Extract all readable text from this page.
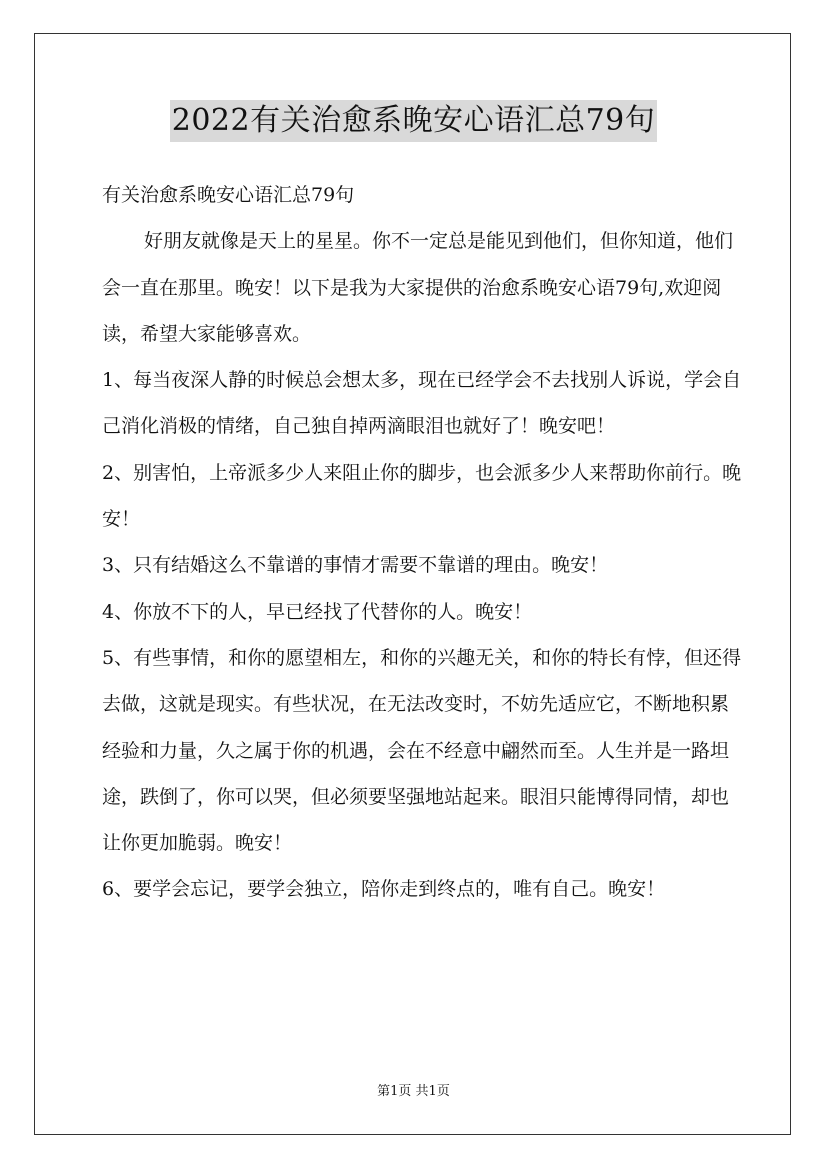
2022有关治愈系晚安心语汇总79句

有关治愈系晚安心语汇总79句

好朋友就像是天上的星星。你不一定总是能见到他们，但你知道，他们会一直在那里。晚安！以下是我为大家提供的治愈系晚安心语79句,欢迎阅读，希望大家能够喜欢。

1、每当夜深人静的时候总会想太多，现在已经学会不去找别人诉说，学会自己消化消极的情绪，自己独自掉两滴眼泪也就好了！晚安吧！

2、别害怕，上帝派多少人来阻止你的脚步，也会派多少人来帮助你前行。晚安！

3、只有结婚这么不靠谱的事情才需要不靠谱的理由。晚安！

4、你放不下的人，早已经找了代替你的人。晚安！

5、有些事情，和你的愿望相左，和你的兴趣无关，和你的特长有悖，但还得去做，这就是现实。有些状况，在无法改变时，不妨先适应它，不断地积累经验和力量，久之属于你的机遇，会在不经意中翩然而至。人生并是一路坦途，跌倒了，你可以哭，但必须要坚强地站起来。眼泪只能博得同情，却也让你更加脆弱。晚安！

6、要学会忘记，要学会独立，陪你走到终点的，唯有自己。晚安！

第1页 共1页
